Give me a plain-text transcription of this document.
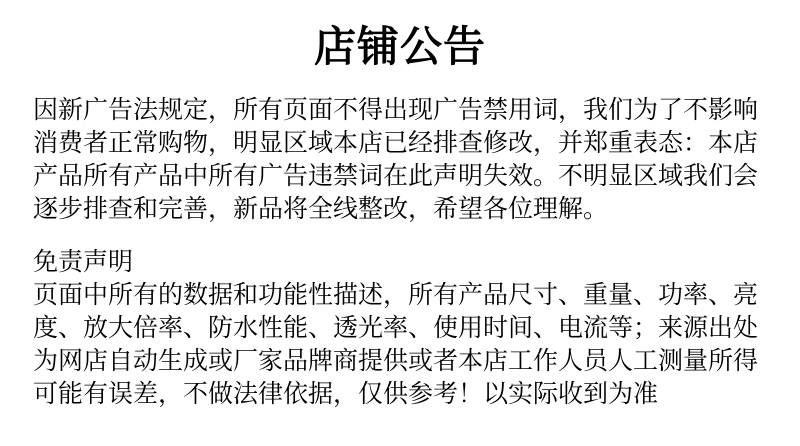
店铺公告
因新广告法规定，所有页面不得出现广告禁用词，我们为了不影响
消费者正常购物，明显区域本店已经排查修改，并郑重表态：本店
产品所有产品中所有广告违禁词在此声明失效。不明显区域我们会
逐步排查和完善，新品将全线整改，希望各位理解。
免责声明
页面中所有的数据和功能性描述，所有产品尺寸、重量、功率、亮
度、放大倍率、防水性能、透光率、使用时间、电流等；来源出处
为网店自动生成或厂家品牌商提供或者本店工作人员人工测量所得
可能有误差，不做法律依据，仅供参考！以实际收到为准
